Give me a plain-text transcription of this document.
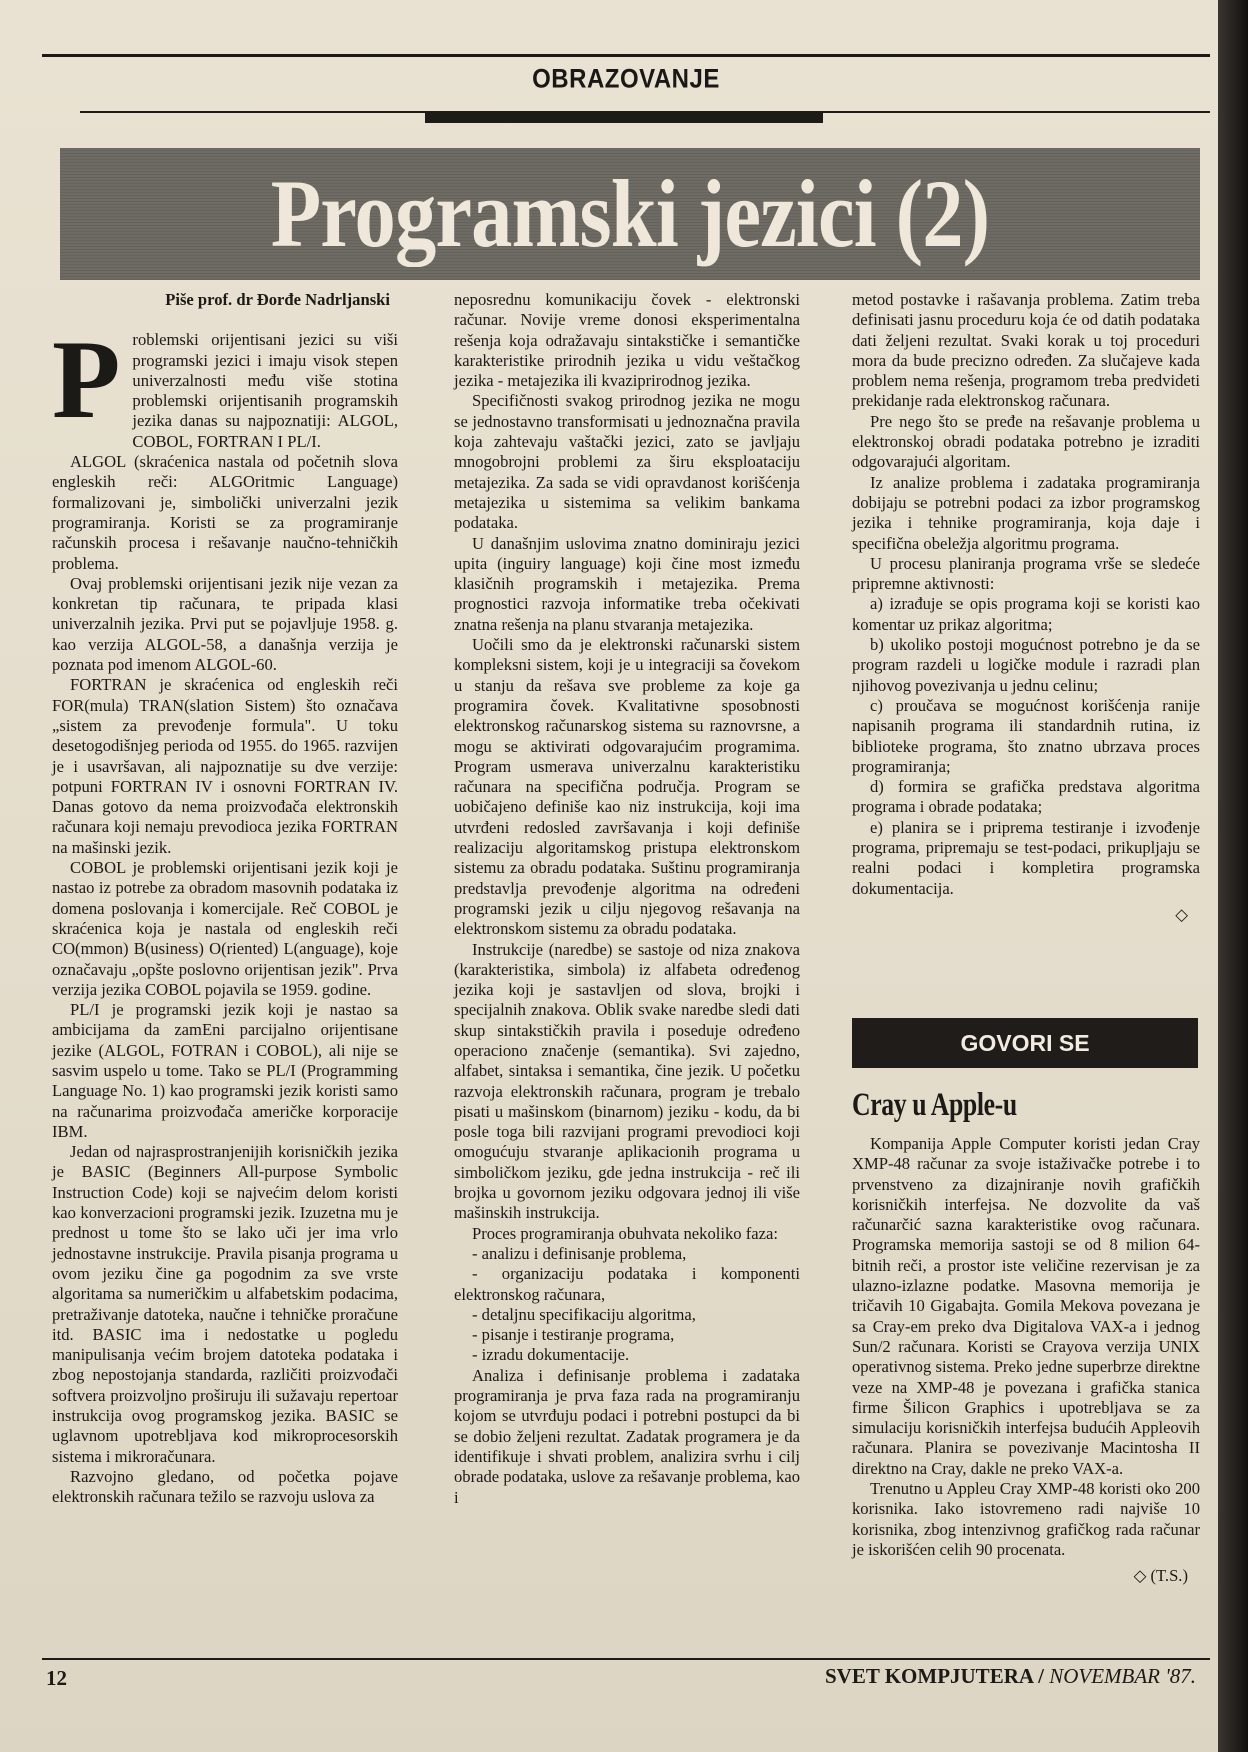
OBRAZOVANJE
Programski jezici (2)
Piše prof. dr Đorđe Nadrljanski

Problemski orijentisani jezici su viši programski jezici i imaju visok stepen univerzalnosti među više stotina problemski orijentisanih programskih jezika danas su najpoznatiji: ALGOL, COBOL, FORTRAN I PL/I.

ALGOL (skraćenica nastala od početnih slova engleskih reči: ALGOritmic Language) formalizovani je, simbolički univerzalni jezik programiranja. Koristi se za programiranje računskih procesa i rešavanje naučno-tehničkih problema.

Ovaj problemski orijentisani jezik nije vezan za konkretan tip računara, te pripada klasi univerzalnih jezika. Prvi put se pojavljuje 1958. g. kao verzija ALGOL-58, a današnja verzija je poznata pod imenom ALGOL-60.

FORTRAN je skraćenica od engleskih reči FOR(mula) TRAN(slation Sistem) što označava „sistem za prevođenje formula". U toku desetogodišnjeg perioda od 1955. do 1965. razvijen je i usavršavan, ali najpoznatije su dve verzije: potpuni FORTRAN IV i osnovni FORTRAN IV. Danas gotovo da nema proizvođača elektronskih računara koji nemaju prevodioca jezika FORTRAN na mašinski jezik.

COBOL je problemski orijentisani jezik koji je nastao iz potrebe za obradom masovnih podataka iz domena poslovanja i komercijale. Reč COBOL je skraćenica koja je nastala od engleskih reči CO(mmon) B(usiness) O(riented) L(anguage), koje označavaju „opšte poslovno orijentisan jezik". Prva verzija jezika COBOL pojavila se 1959. godine.

PL/I je programski jezik koji je nastao sa ambicijama da zamEni parcijalno orijentisane jezike (ALGOL, FOTRAN i COBOL), ali nije se sasvim uspelo u tome. Tako se PL/I (Programming Language No. 1) kao programski jezik koristi samo na računarima proizvođača američke korporacije IBM.

Jedan od najrasprostranjenijih korisničkih jezika je BASIC (Beginners All-purpose Symbolic Instruction Code) koji se najvećim delom koristi kao konverzacioni programski jezik. Izuzetna mu je prednost u tome što se lako uči jer ima vrlo jednostavne instrukcije. Pravila pisanja programa u ovom jeziku čine ga pogodnim za sve vrste algoritama sa numeričkim u alfabetskim podacima, pretraživanje datoteka, naučne i tehničke proračune itd. BASIC ima i nedostatke u pogledu manipulisanja većim brojem datoteka podataka i zbog nepostojanja standarda, različiti proizvođači softvera proizvoljno proširuju ili sužavaju repertoar instrukcija ovog programskog jezika. BASIC se uglavnom upotrebljava kod mikroprocesorskih sistema i mikroračunara.

Razvojno gledano, od početka pojave elektronskih računara težilo se razvoju uslova za

neposrednu komunikaciju čovek - elektronski računar. Novije vreme donosi eksperimentalna rešenja koja odražavaju sintakstičke i semantičke karakteristike prirodnih jezika u vidu veštačkog jezika - metajezika ili kvaziprirodnog jezika.

Specifičnosti svakog prirodnog jezika ne mogu se jednostavno transformisati u jednoznačna pravila koja zahtevaju vaštački jezici, zato se javljaju mnogobrojni problemi za širu eksploataciju metajezika. Za sada se vidi opravdanost korišćenja metajezika u sistemima sa velikim bankama podataka.

U današnjim uslovima znatno dominiraju jezici upita (inguiry language) koji čine most između klasičnih programskih i metajezika. Prema prognostici razvoja informatike treba očekivati znatna rešenja na planu stvaranja metajezika.

Uočili smo da je elektronski računarski sistem kompleksni sistem, koji je u integraciji sa čovekom u stanju da rešava sve probleme za koje ga programira čovek. Kvalitativne sposobnosti elektronskog računarskog sistema su raznovrsne, a mogu se aktivirati odgovarajućim programima. Program usmerava univerzalnu karakteristiku računara na specifična područja. Program se uobičajeno definiše kao niz instrukcija, koji ima utvrđeni redosled završavanja i koji definiše realizaciju algoritamskog pristupa elektronskom sistemu za obradu podataka. Suštinu programiranja predstavlja prevođenje algoritma na određeni programski jezik u cilju njegovog rešavanja na elektronskom sistemu za obradu podataka.

Instrukcije (naredbe) se sastoje od niza znakova (karakteristika, simbola) iz alfabeta određenog jezika koji je sastavljen od slova, brojki i specijalnih znakova. Oblik svake naredbe sledi dati skup sintakstičkih pravila i poseduje određeno operaciono značenje (semantika). Svi zajedno, alfabet, sintaksa i semantika, čine jezik. U početku razvoja elektronskih računara, program je trebalo pisati u mašinskom (binarnom) jeziku - kodu, da bi posle toga bili razvijani programi prevodioci koji omogućuju stvaranje aplikacionih programa u simboličkom jeziku, gde jedna instrukcija - reč ili brojka u govornom jeziku odgovara jednoj ili više mašinskih instrukcija.

Proces programiranja obuhvata nekoliko faza:

- analizu i definisanje problema,

- organizaciju podataka i komponenti elektronskog računara,

- detaljnu specifikaciju algoritma,

- pisanje i testiranje programa,

- izradu dokumentacije.

Analiza i definisanje problema i zadataka programiranja je prva faza rada na programiranju kojom se utvrđuju podaci i potrebni postupci da bi se dobio željeni rezultat. Zadatak programera je da identifikuje i shvati problem, analizira svrhu i cilj obrade podataka, uslove za rešavanje problema, kao i

metod postavke i rašavanja problema. Zatim treba definisati jasnu proceduru koja će od datih podataka dati željeni rezultat. Svaki korak u toj proceduri mora da bude precizno određen. Za slučajeve kada problem nema rešenja, programom treba predvideti prekidanje rada elektronskog računara.

Pre nego što se pređe na rešavanje problema u elektronskoj obradi podataka potrebno je izraditi odgovarajući algoritam.

Iz analize problema i zadataka programiranja dobijaju se potrebni podaci za izbor programskog jezika i tehnike programiranja, koja daje i specifična obeležja algoritmu programa.

U procesu planiranja programa vrše se sledeće pripremne aktivnosti:

a) izrađuje se opis programa koji se koristi kao komentar uz prikaz algoritma;

b) ukoliko postoji mogućnost potrebno je da se program razdeli u logičke module i razradi plan njihovog povezivanja u jednu celinu;

c) proučava se mogućnost korišćenja ranije napisanih programa ili standardnih rutina, iz biblioteke programa, što znatno ubrzava proces programiranja;

d) formira se grafička predstava algoritma programa i obrade podataka;

e) planira se i priprema testiranje i izvođenje programa, pripremaju se test-podaci, prikupljaju se realni podaci i kompletira programska dokumentacija.

◇
GOVORI SE
Cray u Apple-u

Kompanija Apple Computer koristi jedan Cray XMP-48 računar za svoje istaživačke potrebe i to prvenstveno za dizajniranje novih grafičkih korisničkih interfejsa. Ne dozvolite da vaš računarčić sazna karakteristike ovog računara. Programska memorija sastoji se od 8 milion 64-bitnih reči, a prostor iste veličine rezervisan je za ulazno-izlazne podatke. Masovna memorija je tričavih 10 Gigabajta. Gomila Mekova povezana je sa Cray-em preko dva Digitalova VAX-a i jednog Sun/2 računara. Koristi se Crayova verzija UNIX operativnog sistema. Preko jedne superbrze direktne veze na XMP-48 je povezana i grafička stanica firme Šilicon Graphics i upotrebljava se za simulaciju korisničkih interfejsa budućih Appleovih računara. Planira se povezivanje Macintosha II direktno na Cray, dakle ne preko VAX-a.

Trenutno u Appleu Cray XMP-48 koristi oko 200 korisnika. Iako istovremeno radi najviše 10 korisnika, zbog intenzivnog grafičkog rada računar je iskorišćen celih 90 procenata.

◇ (T.S.)
12	SVET KOMPJUTERA / NOVEMBAR '87.
